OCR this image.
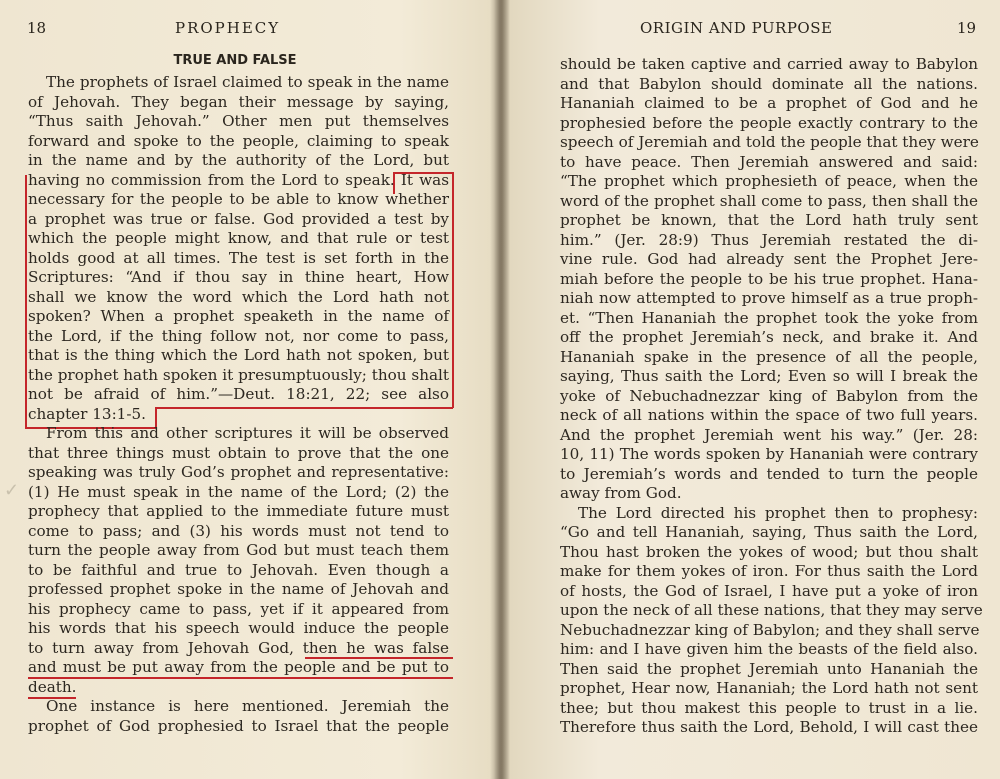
18	PROPHECY
TRUE AND FALSE
✓
The prophets of Israel claimed to speak in the name
of Jehovah. They began their message by saying,
“Thus saith Jehovah.” Other men put themselves
forward and spoke to the people, claiming to speak
in the name and by the authority of the Lord, but
having no commission from the Lord to speak. It was
necessary for the people to be able to know whether
a prophet was true or false. God provided a test by
which the people might know, and that rule or test
holds good at all times. The test is set forth in the
Scriptures: “And if thou say in thine heart, How
shall we know the word which the Lord hath not
spoken? When a prophet speaketh in the name of
the Lord, if the thing follow not, nor come to pass,
that is the thing which the Lord hath not spoken, but
the prophet hath spoken it presumptuously; thou shalt
not be afraid of him.”—Deut. 18:21, 22; see also
chapter 13:1-5.
From this and other scriptures it will be observed
that three things must obtain to prove that the one
speaking was truly God’s prophet and representative:
(1) He must speak in the name of the Lord; (2) the
prophecy that applied to the immediate future must
come to pass; and (3) his words must not tend to
turn the people away from God but must teach them
to be faithful and true to Jehovah. Even though a
professed prophet spoke in the name of Jehovah and
his prophecy came to pass, yet if it appeared from
his words that his speech would induce the people
to turn away from Jehovah God, then he was false
and must be put away from the people and be put to
death.
One instance is here mentioned. Jeremiah the
prophet of God prophesied to Israel that the people
ORIGIN AND PURPOSE	19
should be taken captive and carried away to Babylon
and that Babylon should dominate all the nations.
Hananiah claimed to be a prophet of God and he
prophesied before the people exactly contrary to the
speech of Jeremiah and told the people that they were
to have peace. Then Jeremiah answered and said:
“The prophet which prophesieth of peace, when the
word of the prophet shall come to pass, then shall the
prophet be known, that the Lord hath truly sent
him.” (Jer. 28:9) Thus Jeremiah restated the di-
vine rule. God had already sent the Prophet Jere-
miah before the people to be his true prophet. Hana-
niah now attempted to prove himself as a true proph-
et. “Then Hananiah the prophet took the yoke from
off the prophet Jeremiah’s neck, and brake it. And
Hananiah spake in the presence of all the people,
saying, Thus saith the Lord; Even so will I break the
yoke of Nebuchadnezzar king of Babylon from the
neck of all nations within the space of two full years.
And the prophet Jeremiah went his way.” (Jer. 28:
10, 11) The words spoken by Hananiah were contrary
to Jeremiah’s words and tended to turn the people
away from God.
The Lord directed his prophet then to prophesy:
“Go and tell Hananiah, saying, Thus saith the Lord,
Thou hast broken the yokes of wood; but thou shalt
make for them yokes of iron. For thus saith the Lord
of hosts, the God of Israel, I have put a yoke of iron
upon the neck of all these nations, that they may serve
Nebuchadnezzar king of Babylon; and they shall serve
him: and I have given him the beasts of the field also.
Then said the prophet Jeremiah unto Hananiah the
prophet, Hear now, Hananiah; the Lord hath not sent
thee; but thou makest this people to trust in a lie.
Therefore thus saith the Lord, Behold, I will cast thee
